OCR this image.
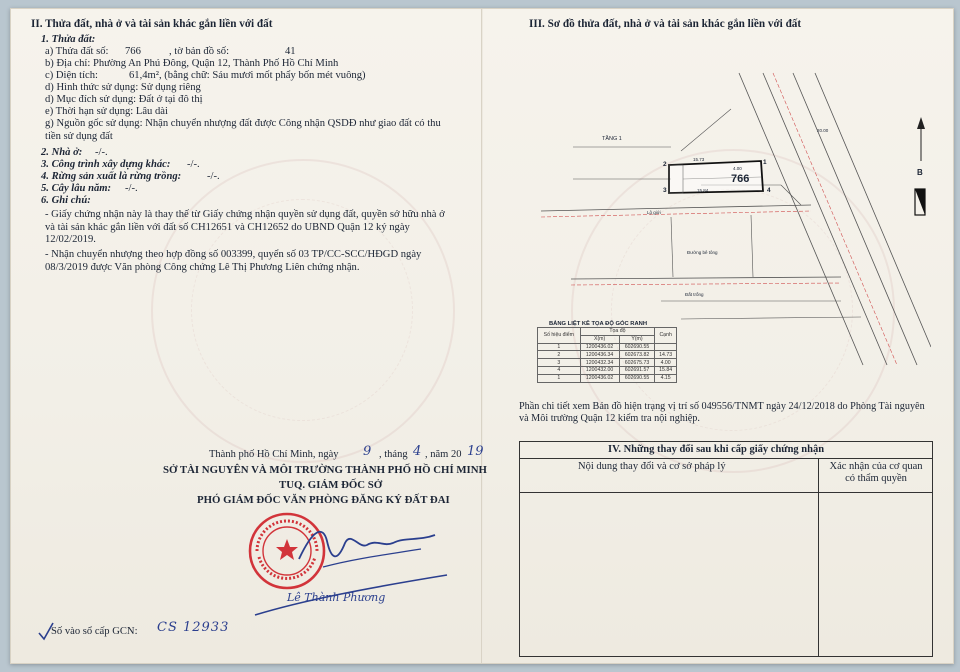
II. Thửa đất, nhà ở và tài sản khác gắn liền với đất
1. Thửa đất:
a) Thửa đất số: 766	, tờ bản đồ số:	41
b) Địa chỉ: Phường An Phú Đông, Quận 12, Thành Phố Hồ Chí Minh
c) Diện tích:	61,4m², (bằng chữ: Sáu mươi mốt phẩy bốn mét vuông)
d) Hình thức sử dụng: Sử dụng riêng
d) Mục đích sử dụng: Đất ở tại đô thị
e) Thời hạn sử dụng: Lâu dài
g) Nguồn gốc sử dụng: Nhận chuyển nhượng đất được Công nhận QSDĐ như giao đất có thu tiền sử dụng đất
2. Nhà ở: -/-.
3. Công trình xây dựng khác: -/-.
4. Rừng sản xuất là rừng trồng: -/-.
5. Cây lâu năm: -/-.
6. Ghi chú:
- Giấy chứng nhận này là thay thế từ Giấy chứng nhận quyền sử dụng đất, quyền sở hữu nhà ở và tài sản khác gắn liền với đất số CH12651 và CH12652 do UBND Quận 12 ký ngày 12/02/2019.
- Nhận chuyển nhượng theo hợp đồng số 003399, quyển số 03 TP/CC-SCC/HĐGD ngày 08/3/2019 được Văn phòng Công chứng Lê Thị Phương Liên chứng nhận.
Thành phố Hồ Chí Minh, ngày 9 , tháng 4 , năm 20 19
SỞ TÀI NGUYÊN VÀ MÔI TRƯỜNG THÀNH PHỐ HỒ CHÍ MINH
TUQ. GIÁM ĐỐC SỞ
PHÓ GIÁM ĐỐC VĂN PHÒNG ĐĂNG KÝ ĐẤT ĐAI
Lê Thành Phương
Số vào sổ cấp GCN: CS 12933
III. Sơ đồ thửa đất, nhà ở và tài sản khác gắn liền với đất
TẦNG 1
766
2
3
1
4
15.73
15.84
4.00
20.00
Lộ giới
Đường bê tông
Đất trống
B
BẢNG LIỆT KÊ TỌA ĐỘ GÓC RANH
Số hiệu điểm	Tọa độ		Cạnh
	X(m)	Y(m)	
1	1200436.02	602690.55	
2	1200436.34	602673.82	14.73
3	1200432.34	602675.73	4.00
4	1200432.00	602691.57	15.84
1	1200436.02	602690.55	4.15
Phần chi tiết xem Bản đồ hiện trạng vị trí số 049556/TNMT ngày 24/12/2018 do Phòng Tài nguyên và Môi trường Quận 12 kiểm tra nội nghiệp.
IV. Những thay đổi sau khi cấp giấy chứng nhận
Nội dung thay đổi và cơ sở pháp lý	Xác nhận của cơ quan có thẩm quyền
